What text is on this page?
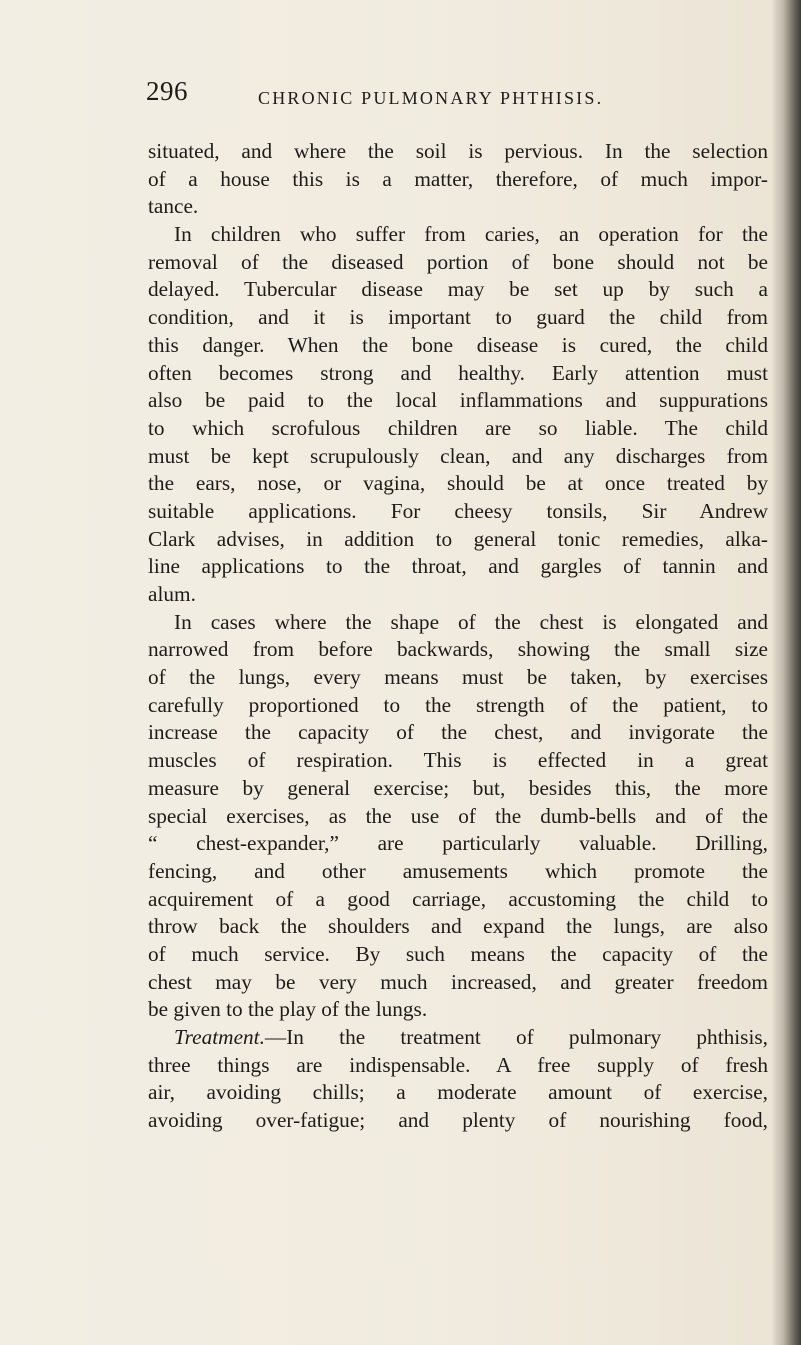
296	CHRONIC PULMONARY PHTHISIS.
situated, and where the soil is pervious. In the selection
of a house this is a matter, therefore, of much impor-
tance.
In children who suffer from caries, an operation for the
removal of the diseased portion of bone should not be
delayed. Tubercular disease may be set up by such a
condition, and it is important to guard the child from
this danger. When the bone disease is cured, the child
often becomes strong and healthy. Early attention must
also be paid to the local inflammations and suppurations
to which scrofulous children are so liable. The child
must be kept scrupulously clean, and any discharges from
the ears, nose, or vagina, should be at once treated by
suitable applications. For cheesy tonsils, Sir Andrew
Clark advises, in addition to general tonic remedies, alka-
line applications to the throat, and gargles of tannin and
alum.
In cases where the shape of the chest is elongated and
narrowed from before backwards, showing the small size
of the lungs, every means must be taken, by exercises
carefully proportioned to the strength of the patient, to
increase the capacity of the chest, and invigorate the
muscles of respiration. This is effected in a great
measure by general exercise; but, besides this, the more
special exercises, as the use of the dumb-bells and of the
“ chest-expander,” are particularly valuable. Drilling,
fencing, and other amusements which promote the
acquirement of a good carriage, accustoming the child to
throw back the shoulders and expand the lungs, are also
of much service. By such means the capacity of the
chest may be very much increased, and greater freedom
be given to the play of the lungs.
Treatment.—In the treatment of pulmonary phthisis,
three things are indispensable. A free supply of fresh
air, avoiding chills; a moderate amount of exercise,
avoiding over-fatigue; and plenty of nourishing food,
